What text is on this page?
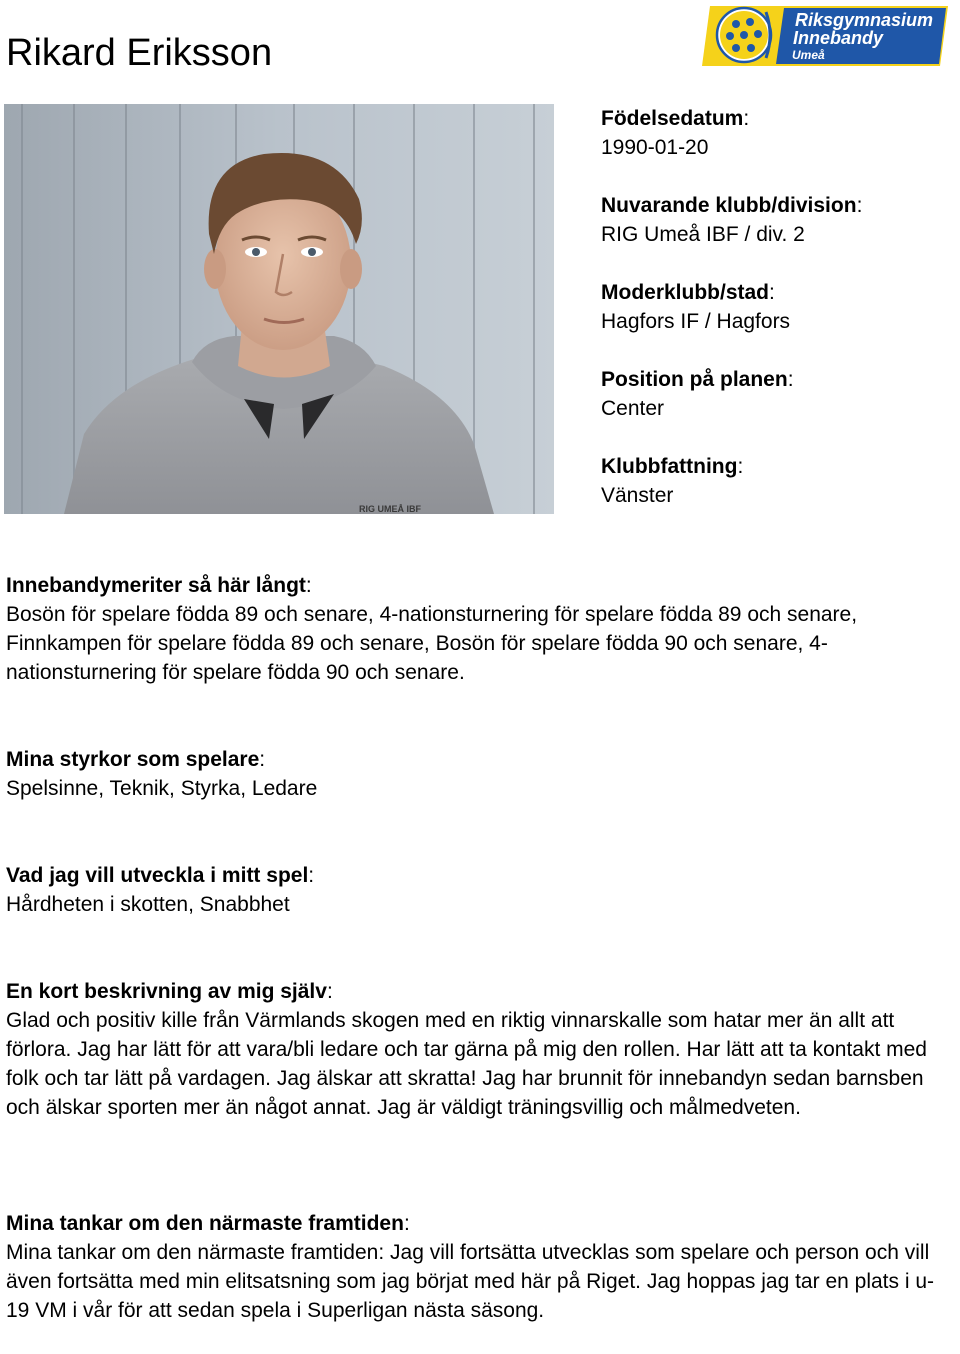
Rikard Eriksson
Riksgymnasium
Innebandy
Umeå
RIG UMEÅ IBF
Födelsedatum:
1990-01-20
Nuvarande klubb/division:
RIG Umeå IBF / div. 2
Moderklubb/stad:
Hagfors IF / Hagfors
Position på planen:
Center
Klubbfattning:
Vänster
Innebandymeriter så här långt:

Bosön för spelare födda 89 och senare, 4-nationsturnering för spelare födda 89 och senare, Finnkampen för spelare födda 89 och senare, Bosön för spelare födda 90 och senare, 4-nationsturnering för spelare födda 90 och senare.

Mina styrkor som spelare:

Spelsinne, Teknik, Styrka, Ledare

Vad jag vill utveckla i mitt spel:

Hårdheten i skotten, Snabbhet

En kort beskrivning av mig själv:

Glad och positiv kille från Värmlands skogen med en riktig vinnarskalle som hatar mer än allt att förlora. Jag har lätt för att vara/bli ledare och tar gärna på mig den rollen. Har lätt att ta kontakt med folk och tar lätt på vardagen. Jag älskar att skratta! Jag har brunnit för innebandyn sedan barnsben och älskar sporten mer än något annat. Jag är väldigt träningsvillig och målmedveten.

Mina tankar om den närmaste framtiden:

Mina tankar om den närmaste framtiden: Jag vill fortsätta utvecklas som spelare och person och vill även fortsätta med min elitsatsning som jag börjat med här på Riget. Jag hoppas jag tar en plats i u-19 VM i vår för att sedan spela i Superligan nästa säsong.
